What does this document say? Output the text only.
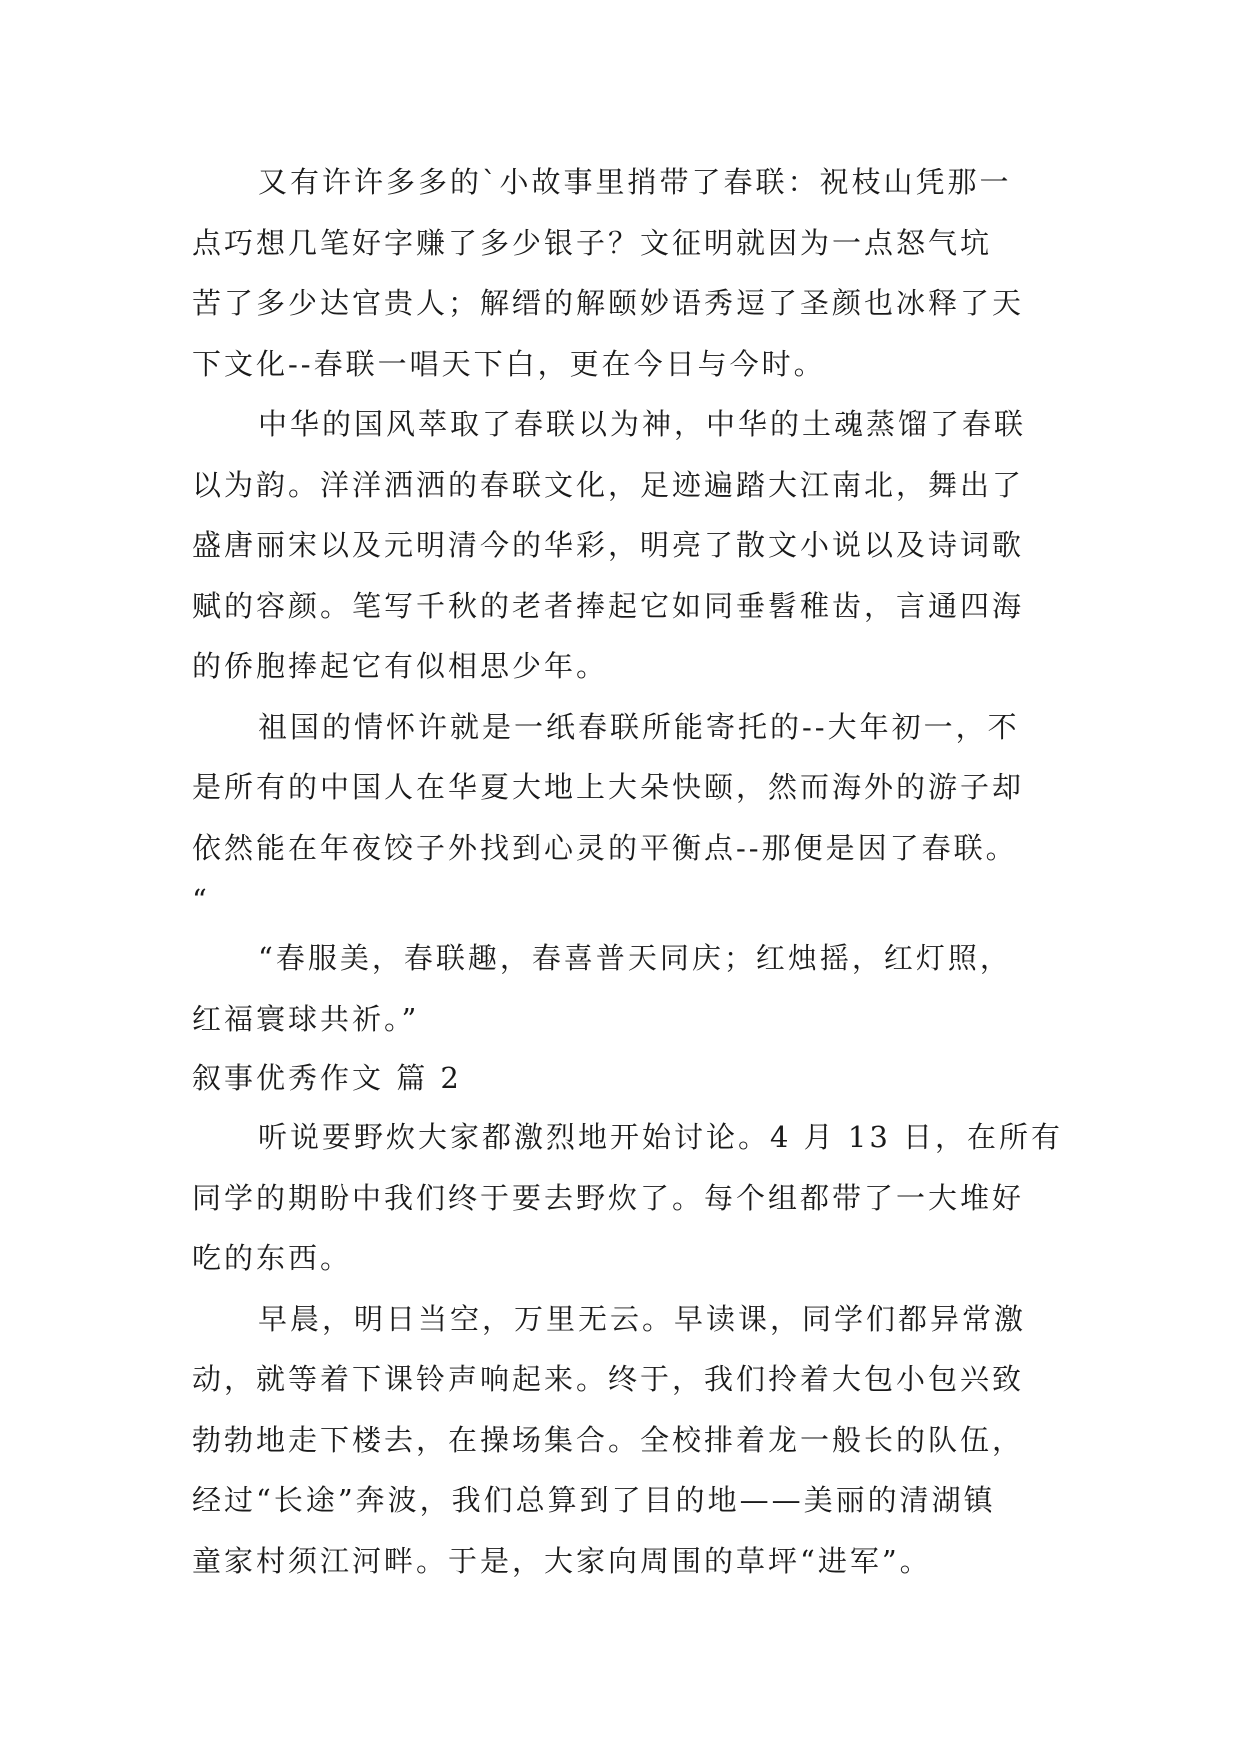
又有许许多多的`小故事里捎带了春联：祝枝山凭那一
点巧想几笔好字赚了多少银子？文征明就因为一点怒气坑
苦了多少达官贵人；解缙的解颐妙语秀逗了圣颜也冰释了天
下文化--春联一唱天下白，更在今日与今时。
中华的国风萃取了春联以为神，中华的土魂蒸馏了春联
以为韵。洋洋洒洒的春联文化，足迹遍踏大江南北，舞出了
盛唐丽宋以及元明清今的华彩，明亮了散文小说以及诗词歌
赋的容颜。笔写千秋的老者捧起它如同垂髫稚齿，言通四海
的侨胞捧起它有似相思少年。
祖国的情怀许就是一纸春联所能寄托的--大年初一，不
是所有的中国人在华夏大地上大朵快颐，然而海外的游子却
依然能在年夜饺子外找到心灵的平衡点--那便是因了春联。
“
“春服美，春联趣，春喜普天同庆；红烛摇，红灯照，
红福寰球共祈。”
叙事优秀作文 篇 2
听说要野炊大家都激烈地开始讨论。4 月 13 日，在所有
同学的期盼中我们终于要去野炊了。每个组都带了一大堆好
吃的东西。
早晨，明日当空，万里无云。早读课，同学们都异常激
动，就等着下课铃声响起来。终于，我们拎着大包小包兴致
勃勃地走下楼去，在操场集合。全校排着龙一般长的队伍，
经过“长途”奔波，我们总算到了目的地——美丽的清湖镇
童家村须江河畔。于是，大家向周围的草坪“进军”。
